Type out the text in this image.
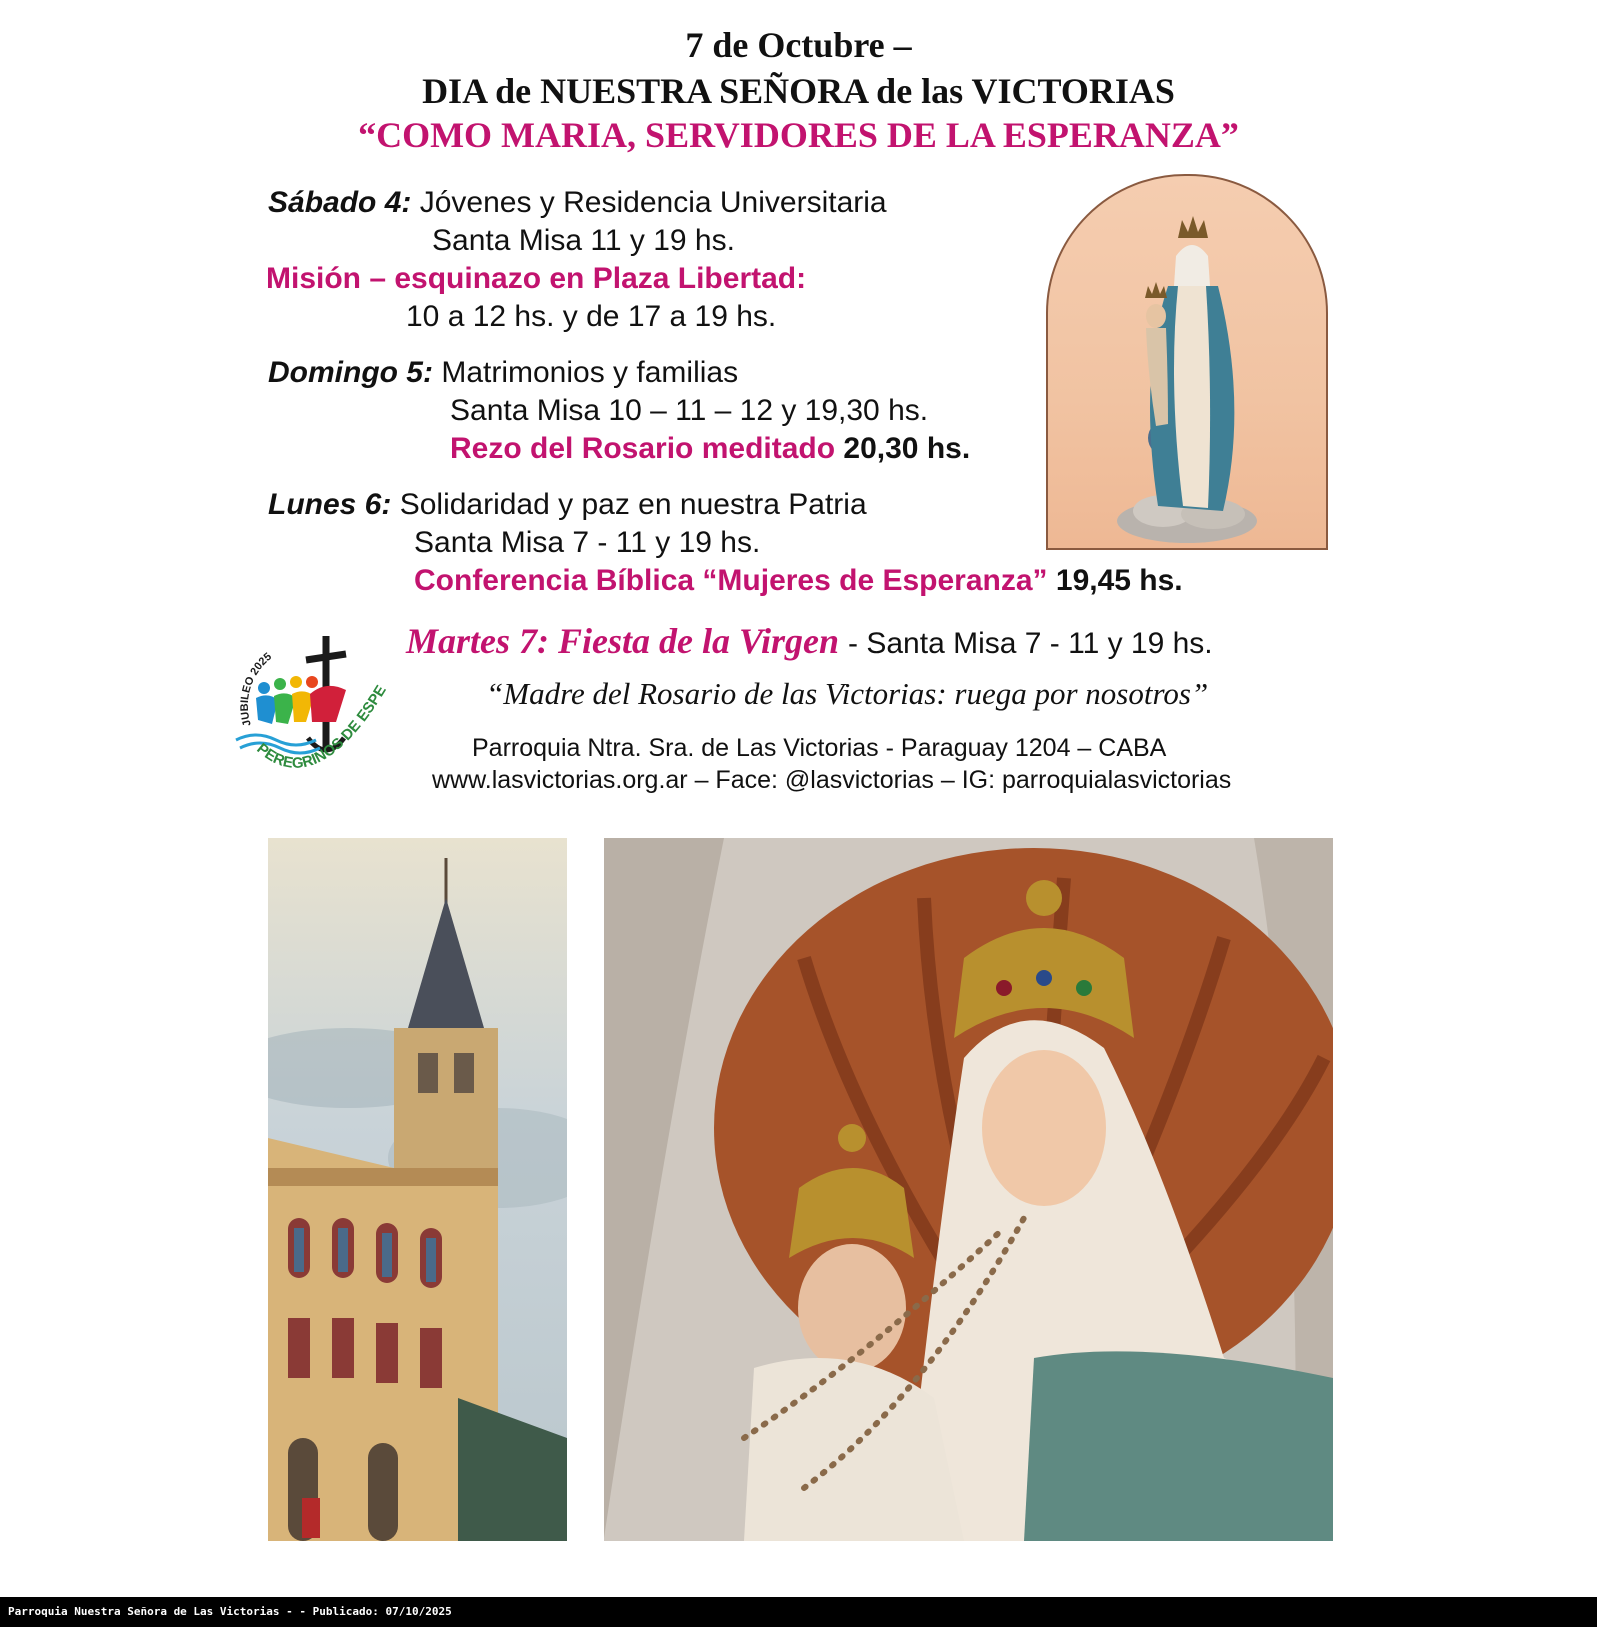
7 de Octubre –
DIA de NUESTRA SEÑORA de las VICTORIAS
“COMO MARIA, SERVIDORES DE LA ESPERANZA”
Sábado 4: Jóvenes y Residencia Universitaria
Santa Misa 11 y 19 hs.
Misión – esquinazo en Plaza Libertad:
10 a 12 hs. y de 17 a 19 hs.
Domingo 5: Matrimonios y familias
Santa Misa 10 – 11 – 12 y 19,30 hs.
Rezo del Rosario meditado 20,30 hs.
Lunes 6: Solidaridad y paz en nuestra Patria
Santa Misa 7 - 11 y 19 hs.
Conferencia Bíblica “Mujeres de Esperanza” 19,45 hs.
JUBILEO 2025
PEREGRINOS DE ESPE
Martes 7: Fiesta de la Virgen - Santa Misa 7 - 11 y 19 hs.
“Madre del Rosario de las Victorias: ruega por nosotros”
Parroquia Ntra. Sra. de Las Victorias - Paraguay 1204 – CABA
www.lasvictorias.org.ar – Face: @lasvictorias – IG: parroquialasvictorias
Parroquia Nuestra Señora de Las Victorias - - Publicado: 07/10/2025
